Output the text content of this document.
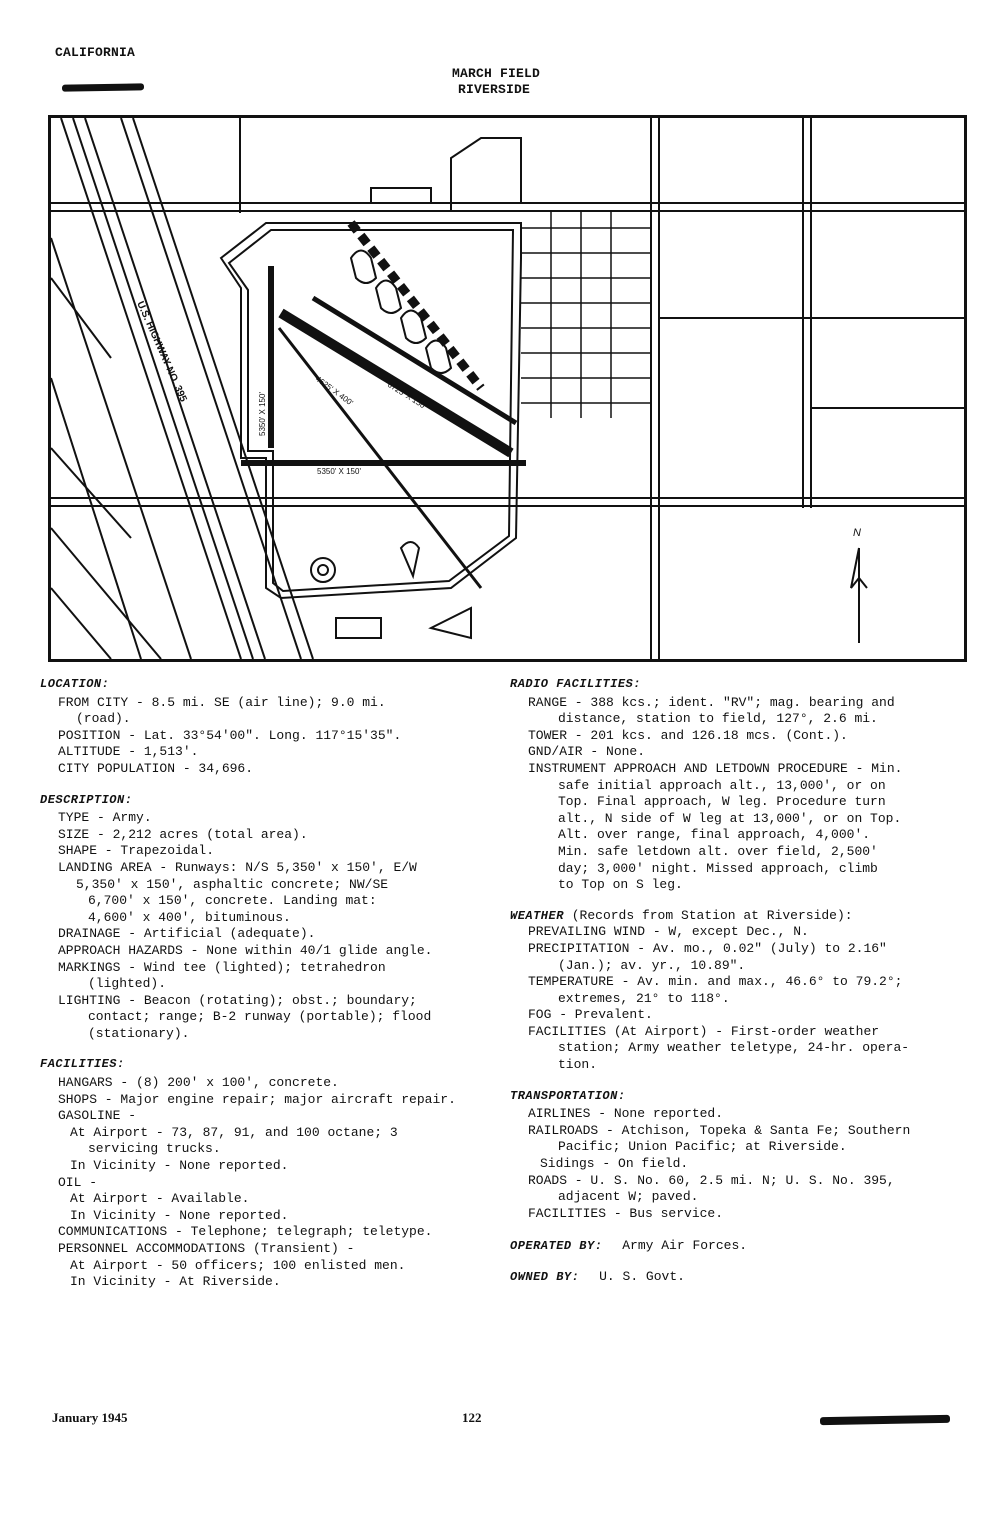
CALIFORNIA
MARCH FIELD
RIVERSIDE
N
U.S. HIGHWAY NO. 395
5350' X 150'
5350' X 150'
6725' X 150'
4625' X 400'
LOCATION:
FROM CITY - 8.5 mi. SE (air line); 9.0 mi.
(road).
POSITION - Lat. 33°54'00". Long. 117°15'35".
ALTITUDE - 1,513'.
CITY POPULATION - 34,696.
DESCRIPTION:
TYPE - Army.
SIZE - 2,212 acres (total area).
SHAPE - Trapezoidal.
LANDING AREA - Runways: N/S 5,350' x 150', E/W
5,350' x 150', asphaltic concrete; NW/SE
6,700' x 150', concrete. Landing mat:
4,600' x 400', bituminous.
DRAINAGE - Artificial (adequate).
APPROACH HAZARDS - None within 40/1 glide angle.
MARKINGS - Wind tee (lighted); tetrahedron
(lighted).
LIGHTING - Beacon (rotating); obst.; boundary;
contact; range; B-2 runway (portable); flood
(stationary).
FACILITIES:
HANGARS - (8) 200' x 100', concrete.
SHOPS - Major engine repair; major aircraft repair.
GASOLINE -
At Airport - 73, 87, 91, and 100 octane; 3
servicing trucks.
In Vicinity - None reported.
OIL -
At Airport - Available.
In Vicinity - None reported.
COMMUNICATIONS - Telephone; telegraph; teletype.
PERSONNEL ACCOMMODATIONS (Transient) -
At Airport - 50 officers; 100 enlisted men.
In Vicinity - At Riverside.
RADIO FACILITIES:
RANGE - 388 kcs.; ident. "RV"; mag. bearing and
distance, station to field, 127°, 2.6 mi.
TOWER - 201 kcs. and 126.18 mcs. (Cont.).
GND/AIR - None.
INSTRUMENT APPROACH AND LETDOWN PROCEDURE - Min.
safe initial approach alt., 13,000', or on
Top. Final approach, W leg. Procedure turn
alt., N side of W leg at 13,000', or on Top.
Alt. over range, final approach, 4,000'.
Min. safe letdown alt. over field, 2,500'
day; 3,000' night. Missed approach, climb
to Top on S leg.
WEATHER (Records from Station at Riverside):
PREVAILING WIND - W, except Dec., N.
PRECIPITATION - Av. mo., 0.02" (July) to 2.16"
(Jan.); av. yr., 10.89".
TEMPERATURE - Av. min. and max., 46.6° to 79.2°;
extremes, 21° to 118°.
FOG - Prevalent.
FACILITIES (At Airport) - First-order weather
station; Army weather teletype, 24-hr. opera-
tion.
TRANSPORTATION:
AIRLINES - None reported.
RAILROADS - Atchison, Topeka & Santa Fe; Southern
Pacific; Union Pacific; at Riverside.
Sidings - On field.
ROADS - U. S. No. 60, 2.5 mi. N; U. S. No. 395,
adjacent W; paved.
FACILITIES - Bus service.
OPERATED BY: Army Air Forces.
OWNED BY: U. S. Govt.
January 1945	122
